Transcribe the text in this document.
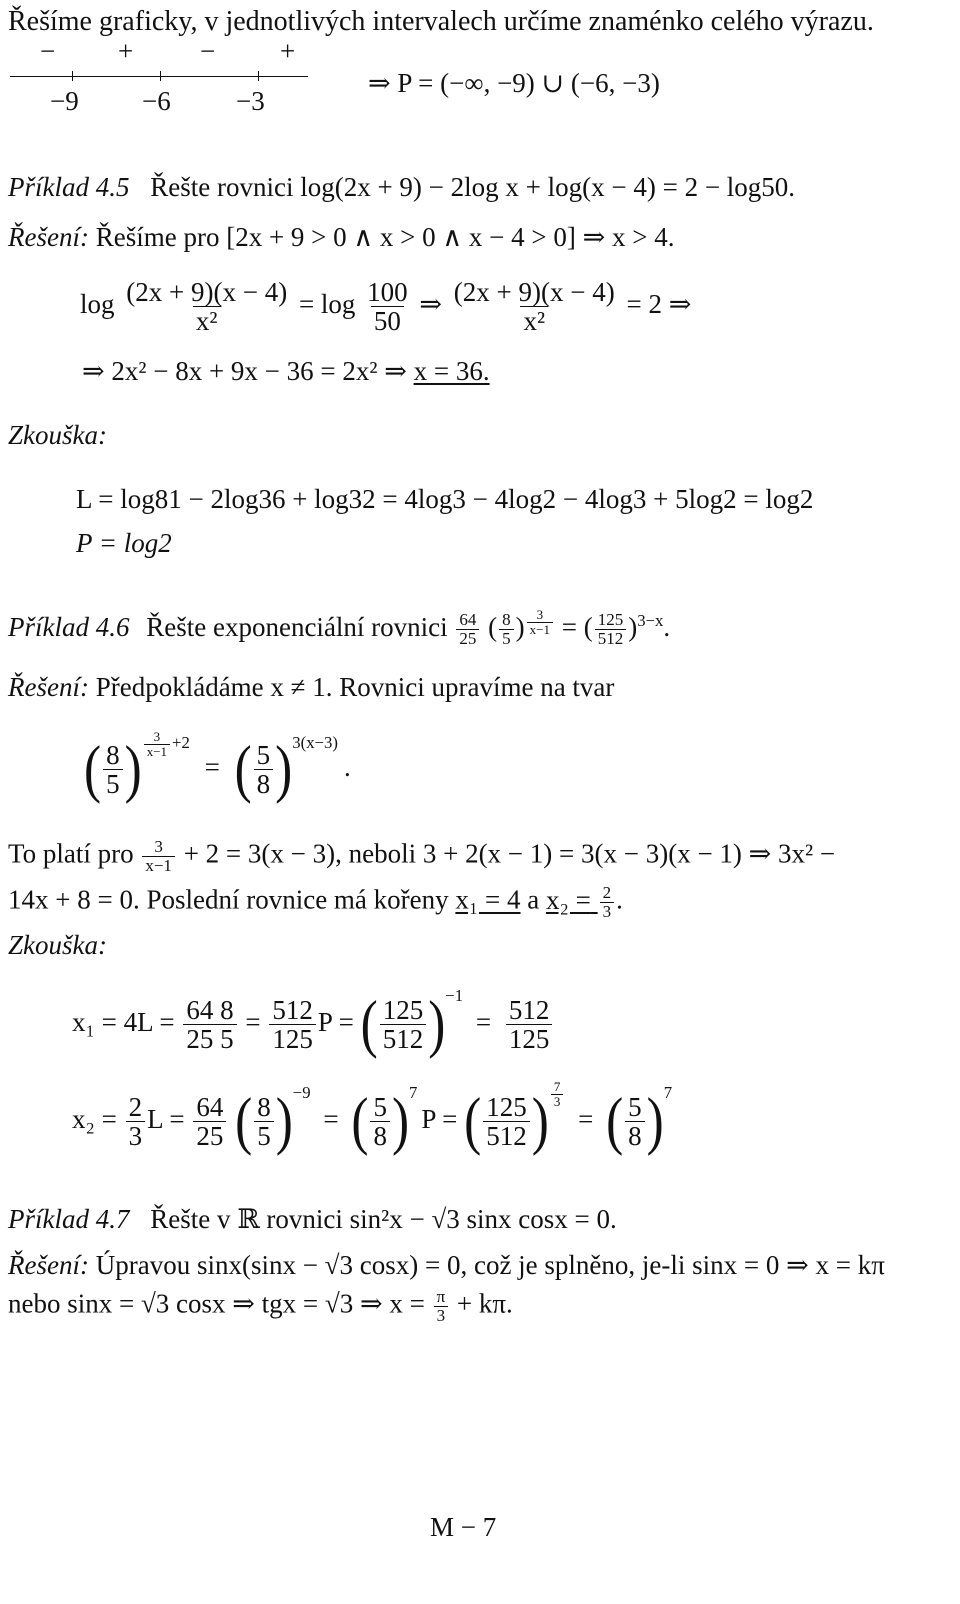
Řešíme graficky, v jednotlivých intervalech určíme znaménko celého výrazu.
− + − +
−9 −6 −3
⇒ P = (−∞, −9) ∪ (−6, −3)
Příklad 4.5 Řešte rovnici log(2x + 9) − 2log x + log(x − 4) = 2 − log50.
Řešení: Řešíme pro [2x + 9 > 0 ∧ x > 0 ∧ x − 4 > 0] ⇒ x > 4.
$\log \frac{(2x + 9)(x - 4)}{\text{x²}} = \log \frac{100}{50}$ ⇒ $\frac{(2x + 9)(x - 4)}{\text{x²}} = 2$ ⇒
⇒ 2x² − 8x + 9x − 36 = 2x² ⇒ x = 36.
Zkouška:
L = log81 − 2log36 + log32 = 4log3 − 4log2 − 4log3 + 5log2 = log2
P = log2
Příklad 4.6 Řešte exponenciální rovnici $\frac{64}{25}$ ( $\frac{8}{5}$ ) $^{\frac{3}{x-1}}$ = ( $\frac{125}{512} )^{3-x}$.
Řešení: Předpokládáme x ≠ 1. Rovnici upravíme na tvar
( $\frac{8}{5}$ ) $^{\frac{3}{x-1} +2}$ = ( $\frac{5}{8} )^{3(x-3)}$.
To platí pro $\frac{3}{x-1} + 2 = 3(x - 3)$, neboli 3 + 2(x − 1) = 3(x − 3)(x − 1) ⇒ 3x² −
14x + 8 = 0. Poslední rovnice má kořeny x₁ = 4 a $x_2 = \frac{2}{3}$ .
Zkouška:
$x_1 = 4L = \frac{64 8}{25 5} = \frac{512}{125}$ P = ( $\frac{125}{512} )^{-1} = \frac{512}{125}$
$x_2 = \frac{2}{3}$ $L = \frac{64}{25}$ ( $\frac{8}{5} )^{-9}$ = ( $\frac{5}{8} )^7P$ = ( $\frac{125}{512}$ ) $^{\frac{7}{3}}$
= ( $\frac{5}{8} )^7$
Příklad 4.7 Řešte v ℝ rovnici sin²x − √3 sinx cosx = 0.
Řešení: Úpravou sinx(sinx − √3 cosx) = 0, což je splněno, je-li sinx = 0 ⇒ x = kπ
nebo sinx = √3 cosx ⇒ tgx = √3 ⇒ $x = \frac{\pi}{3} + k\pi$.
M − 7
